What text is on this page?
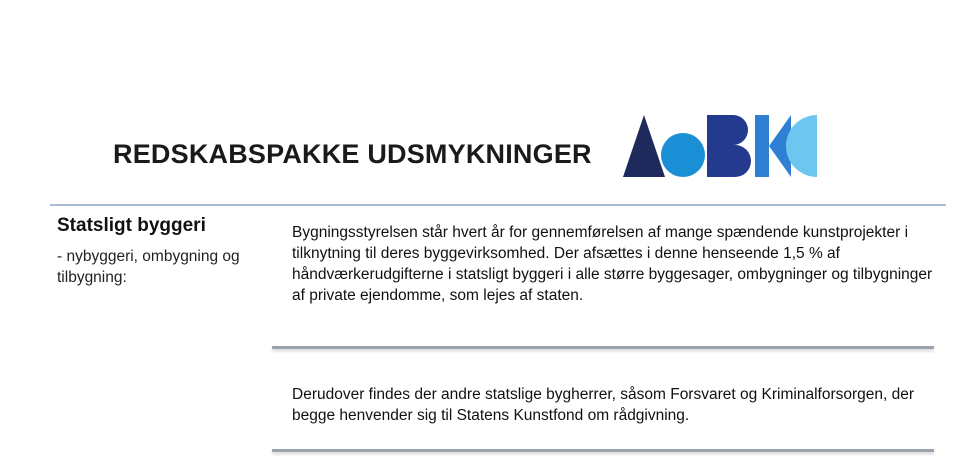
REDSKABSPAKKE UDSMYKNINGER
Statsligt byggeri
- nybyggeri, ombygning og tilbygning:
Bygningsstyrelsen står hvert år for gennemførelsen af mange spændende kunstprojekter i tilknytning til deres byggevirksomhed. Der afsættes i denne henseende 1,5 % af håndværkerudgifterne i statsligt byggeri i alle større byggesager, ombygninger og tilbygninger af private ejendomme, som lejes af staten.
Derudover findes der andre statslige bygherrer, såsom Forsvaret og Kriminalforsorgen, der begge henvender sig til Statens Kunstfond om rådgivning.
